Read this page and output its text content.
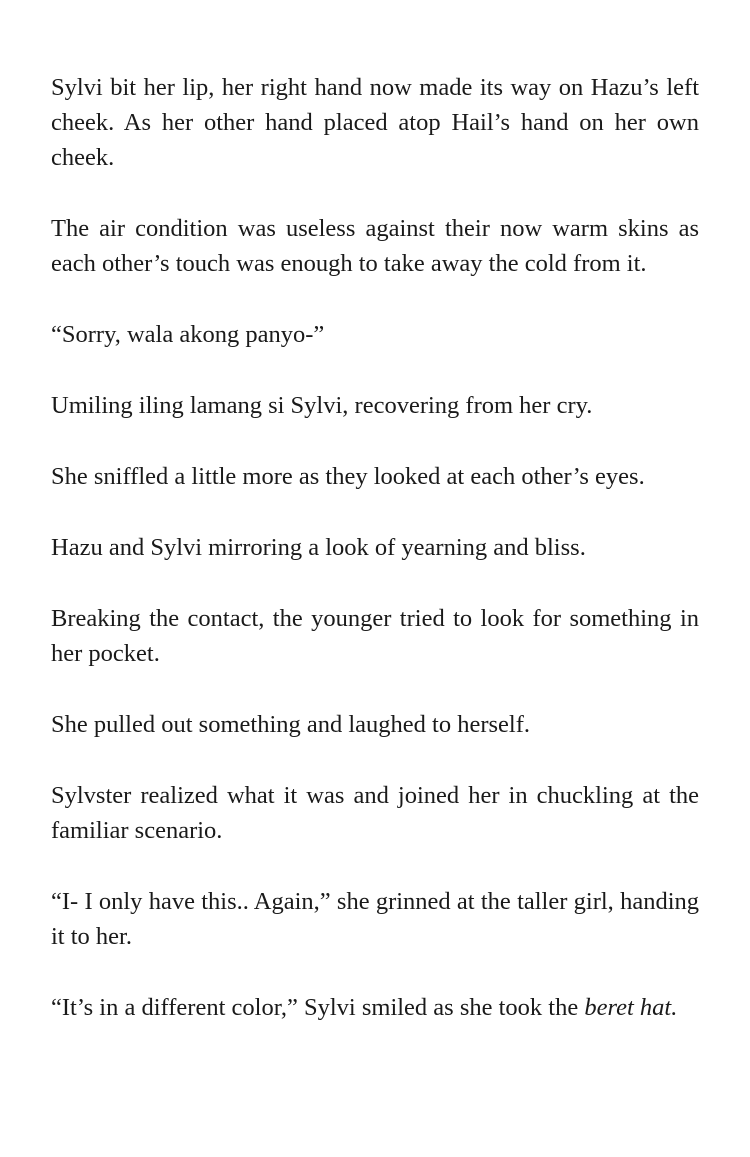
Sylvi bit her lip, her right hand now made its way on Hazu’s left cheek. As her other hand placed atop Hail’s hand on her own cheek.

The air condition was useless against their now warm skins as each other’s touch was enough to take away the cold from it.

“Sorry, wala akong panyo-”

Umiling iling lamang si Sylvi, recovering from her cry.

She sniffled a little more as they looked at each other’s eyes.

Hazu and Sylvi mirroring a look of yearning and bliss.

Breaking the contact, the younger tried to look for something in her pocket.

She pulled out something and laughed to herself.

Sylvster realized what it was and joined her in chuckling at the familiar scenario.

“I- I only have this.. Again,” she grinned at the taller girl, handing it to her.

“It’s in a different color,” Sylvi smiled as she took the beret hat.
